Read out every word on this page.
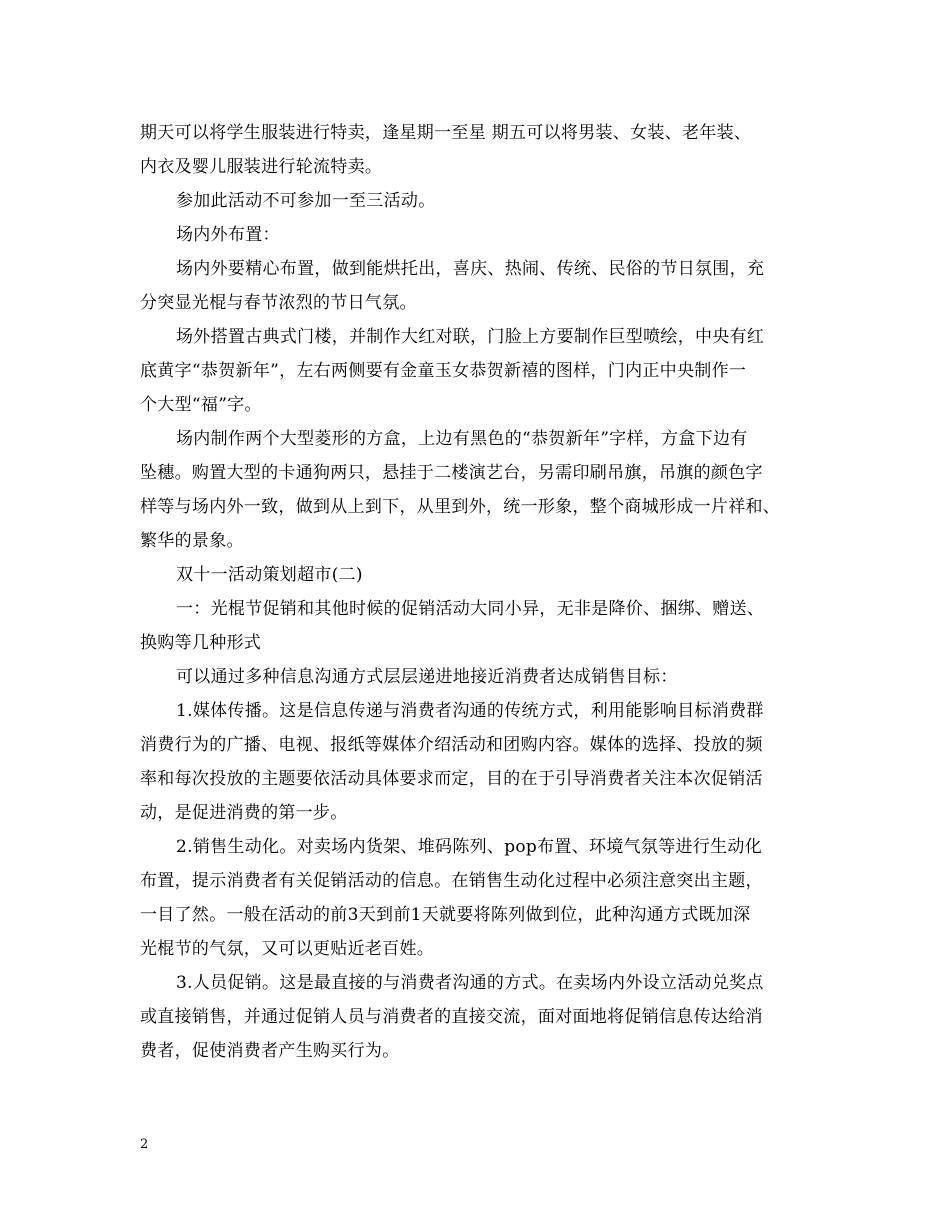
期天可以将学生服装进行特卖，逢星期一至星 期五可以将男装、女装、老年装、
内衣及婴儿服装进行轮流特卖。
参加此活动不可参加一至三活动。
场内外布置：
场内外要精心布置，做到能烘托出，喜庆、热闹、传统、民俗的节日氛围，充
分突显光棍与春节浓烈的节日气氛。
场外搭置古典式门楼，并制作大红对联，门脸上方要制作巨型喷绘，中央有红
底黄字“恭贺新年”，左右两侧要有金童玉女恭贺新禧的图样，门内正中央制作一
个大型“福”字。
场内制作两个大型菱形的方盒，上边有黑色的“恭贺新年”字样，方盒下边有
坠穗。购置大型的卡通狗两只，悬挂于二楼演艺台，另需印刷吊旗，吊旗的颜色字
样等与场内外一致，做到从上到下，从里到外，统一形象，整个商城形成一片祥和、
繁华的景象。
双十一活动策划超市(二)
一：光棍节促销和其他时候的促销活动大同小异，无非是降价、捆绑、赠送、
换购等几种形式
可以通过多种信息沟通方式层层递进地接近消费者达成销售目标：
1.媒体传播。这是信息传递与消费者沟通的传统方式，利用能影响目标消费群
消费行为的广播、电视、报纸等媒体介绍活动和团购内容。媒体的选择、投放的频
率和每次投放的主题要依活动具体要求而定，目的在于引导消费者关注本次促销活
动，是促进消费的第一步。
2.销售生动化。对卖场内货架、堆码陈列、pop布置、环境气氛等进行生动化
布置，提示消费者有关促销活动的信息。在销售生动化过程中必须注意突出主题，
一目了然。一般在活动的前3天到前1天就要将陈列做到位，此种沟通方式既加深
光棍节的气氛，又可以更贴近老百姓。
3.人员促销。这是最直接的与消费者沟通的方式。在卖场内外设立活动兑奖点
或直接销售，并通过促销人员与消费者的直接交流，面对面地将促销信息传达给消
费者，促使消费者产生购买行为。
2
